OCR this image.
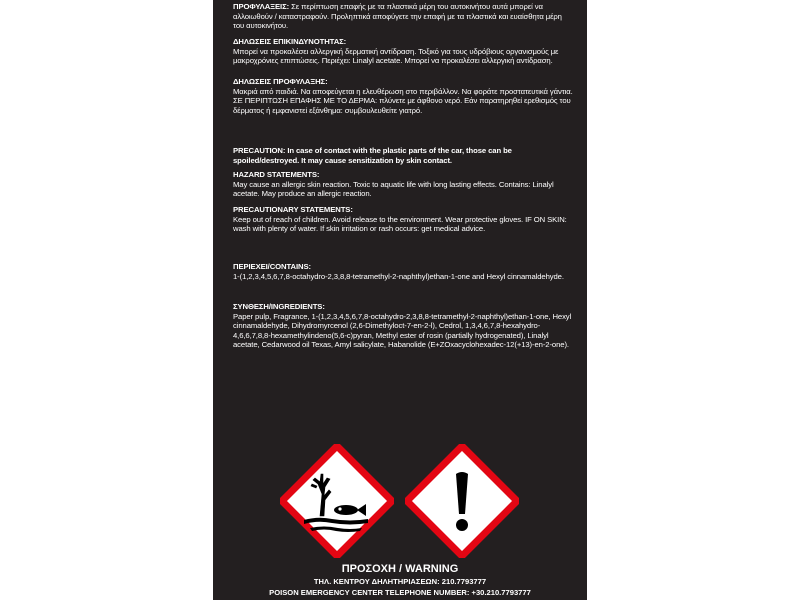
ΠΡΟΦΥΛΑΞΕΙΣ: Σε περίπτωση επαφής με τα πλαστικά μέρη του αυτοκινήτου αυτά μπορεί να αλλοιωθούν / καταστραφούν. Προληπτικά αποφύγετε την επαφή με τα πλαστικά και ευαίσθητα μέρη του αυτοκινήτου.
ΔΗΛΩΣΕΙΣ ΕΠΙΚΙΝΔΥΝΟΤΗΤΑΣ:
Μπορεί να προκαλέσει αλλεργική δερματική αντίδραση. Τοξικό για τους υδρόβιους οργανισμούς με μακροχρόνιες επιπτώσεις. Περιέχει: Linalyl acetate. Μπορεί να προκαλέσει αλλεργική αντίδραση.
ΔΗΛΩΣΕΙΣ ΠΡΟΦΥΛΑΞΗΣ:
Μακριά από παιδιά. Να αποφεύγεται η ελευθέρωση στο περιβάλλον. Να φοράτε προστατευτικά γάντια. ΣΕ ΠΕΡΙΠΤΩΣΗ ΕΠΑΦΗΣ ΜΕ ΤΟ ΔΕΡΜΑ: πλύνετε με άφθονο νερό. Εάν παρατηρηθεί ερεθισμός του δέρματος ή εμφανιστεί εξάνθημα: συμβουλευθείτε γιατρό.
PRECAUTION: In case of contact with the plastic parts of the car, those can be spoiled/destroyed. It may cause sensitization by skin contact.
HAZARD STATEMENTS:
May cause an allergic skin reaction. Toxic to aquatic life with long lasting effects. Contains: Linalyl acetate. May produce an allergic reaction.
PRECAUTIONARY STATEMENTS:
Keep out of reach of children. Avoid release to the environment. Wear protective gloves. IF ON SKIN: wash with plenty of water. If skin irritation or rash occurs: get medical advice.
ΠΕΡΙΕΧΕΙ/CONTAINS:
1-(1,2,3,4,5,6,7,8-octahydro-2,3,8,8-tetramethyl-2-naphthyl)ethan-1-one and Hexyl cinnamaldehyde.
ΣΥΝΘΕΣΗ/INGREDIENTS:
Paper pulp, Fragrance, 1-(1,2,3,4,5,6,7,8-octahydro-2,3,8,8-tetramethyl-2-naphthyl)ethan-1-one, Hexyl cinnamaldehyde, Dihydromyrcenol (2,6-Dimethyloct-7-en-2-l), Cedrol, 1,3,4,6,7,8-hexahydro-4,6,6,7,8,8-hexamethylindeno(5,6-c)pyran, Methyl ester of rosin (partially hydrogenated), Linalyl acetate, Cedarwood oil Texas, Amyl salicylate, Habanolide (E+ZOxacyclohexadec-12(+13)-en-2-one).
ΠΡΟΣΟΧΗ / WARNING
ΤΗΛ. ΚΕΝΤΡΟΥ ΔΗΛΗΤΗΡΙΑΣΕΩΝ: 210.7793777
POISON EMERGENCY CENTER TELEPHONE NUMBER: +30.210.7793777
